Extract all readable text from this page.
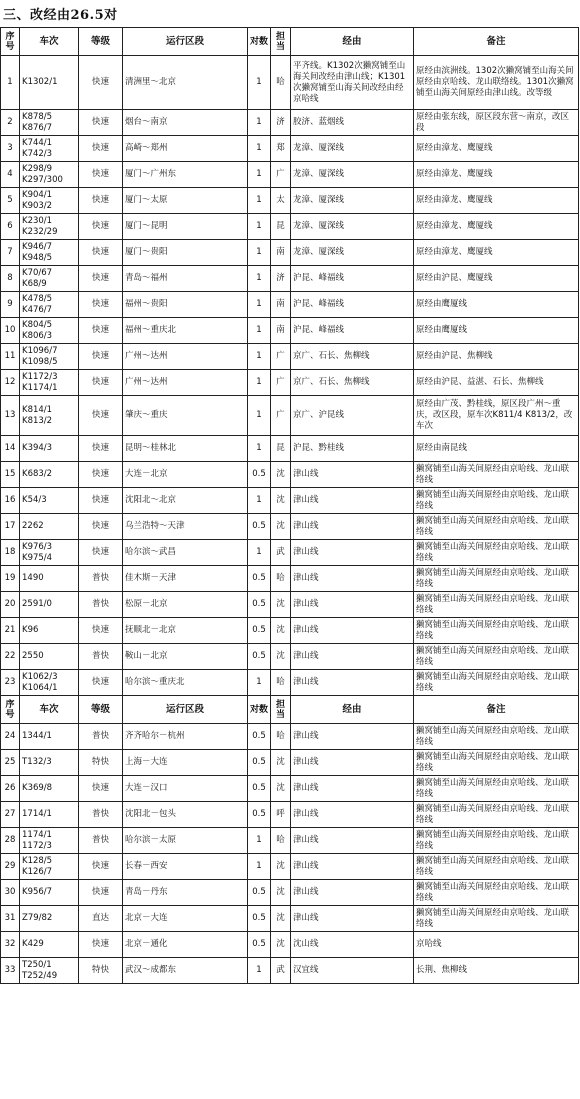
三、改经由26.5对
序号	车次	等级	运行区段	对数	担当	经由	备注
1	K1302/1	快速	清洲里～北京	1	哈	平齐线。K1302次獭窝铺至山海关间改经由津山线；K1301次獭窝铺至山海关间改经由经京哈线	原经由滨洲线。1302次獭窝铺至山海关间原经由京哈线、龙山联络线。1301次獭窝铺至山海关间原经由津山线。改等级
2	K878/5
K876/7	快速	烟台～南京	1	济	胶济、蓝烟线	原经由张东线，原区段东营～南京，改区段
3	K744/1
K742/3	快速	高崎～郑州	1	郑	龙漳、厦深线	原经由漳龙、鹰厦线
4	K298/9
K297/300	快速	厦门～广州东	1	广	龙漳、厦深线	原经由漳龙、鹰厦线
5	K904/1
K903/2	快速	厦门～太原	1	太	龙漳、厦深线	原经由漳龙、鹰厦线
6	K230/1
K232/29	快速	厦门～昆明	1	昆	龙漳、厦深线	原经由漳龙、鹰厦线
7	K946/7
K948/5	快速	厦门～贵阳	1	南	龙漳、厦深线	原经由漳龙、鹰厦线
8	K70/67
K68/9	快速	青岛～福州	1	济	沪昆、峰福线	原经由沪昆、鹰厦线
9	K478/5
K476/7	快速	福州～贵阳	1	南	沪昆、峰福线	原经由鹰厦线
10	K804/5
K806/3	快速	福州～重庆北	1	南	沪昆、峰福线	原经由鹰厦线
11	K1096/7
K1098/5	快速	广州～达州	1	广	京广、石长、焦柳线	原经由沪昆、焦柳线
12	K1172/3
K1174/1	快速	广州～达州	1	广	京广、石长、焦柳线	原经由沪昆、益湛、石长、焦柳线
13	K814/1
K813/2	快速	肇庆～重庆	1	广	京广、沪昆线	原经由广茂、黔桂线，原区段广州～重庆，改区段，原车次K811/4 K813/2，改车次
14	K394/3	快速	昆明～桂林北	1	昆	沪昆、黔桂线	原经由南昆线
15	K683/2	快速	大连－北京	0.5	沈	津山线	獭窝铺至山海关间原经由京哈线、龙山联络线
16	K54/3	快速	沈阳北～北京	1	沈	津山线	獭窝铺至山海关间原经由京哈线、龙山联络线
17	2262	快速	乌兰浩特～天津	0.5	沈	津山线	獭窝铺至山海关间原经由京哈线、龙山联络线
18	K976/3
K975/4	快速	哈尔滨～武昌	1	武	津山线	獭窝铺至山海关间原经由京哈线、龙山联络线
19	1490	普快	佳木斯－天津	0.5	哈	津山线	獭窝铺至山海关间原经由京哈线、龙山联络线
20	2591/0	普快	松原－北京	0.5	沈	津山线	獭窝铺至山海关间原经由京哈线、龙山联络线
21	K96	快速	抚顺北－北京	0.5	沈	津山线	獭窝铺至山海关间原经由京哈线、龙山联络线
22	2550	普快	鞍山－北京	0.5	沈	津山线	獭窝铺至山海关间原经由京哈线、龙山联络线
23	K1062/3
K1064/1	快速	哈尔滨～重庆北	1	哈	津山线	獭窝铺至山海关间原经由京哈线、龙山联络线
序号	车次	等级	运行区段	对数	担当	经由	备注
24	1344/1	普快	齐齐哈尔－杭州	0.5	哈	津山线	獭窝铺至山海关间原经由京哈线、龙山联络线
25	T132/3	特快	上海－大连	0.5	沈	津山线	獭窝铺至山海关间原经由京哈线、龙山联络线
26	K369/8	快速	大连－汉口	0.5	沈	津山线	獭窝铺至山海关间原经由京哈线、龙山联络线
27	1714/1	普快	沈阳北－包头	0.5	呼	津山线	獭窝铺至山海关间原经由京哈线、龙山联络线
28	1174/1
1172/3	普快	哈尔滨－太原	1	哈	津山线	獭窝铺至山海关间原经由京哈线、龙山联络线
29	K128/5
K126/7	快速	长春－西安	1	沈	津山线	獭窝铺至山海关间原经由京哈线、龙山联络线
30	K956/7	快速	青岛－丹东	0.5	沈	津山线	獭窝铺至山海关间原经由京哈线、龙山联络线
31	Z79/82	直达	北京－大连	0.5	沈	津山线	獭窝铺至山海关间原经由京哈线、龙山联络线
32	K429	快速	北京－通化	0.5	沈	沈山线	京哈线
33	T250/1
T252/49	特快	武汉～成都东	1	武	汉宜线	长荆、焦柳线
